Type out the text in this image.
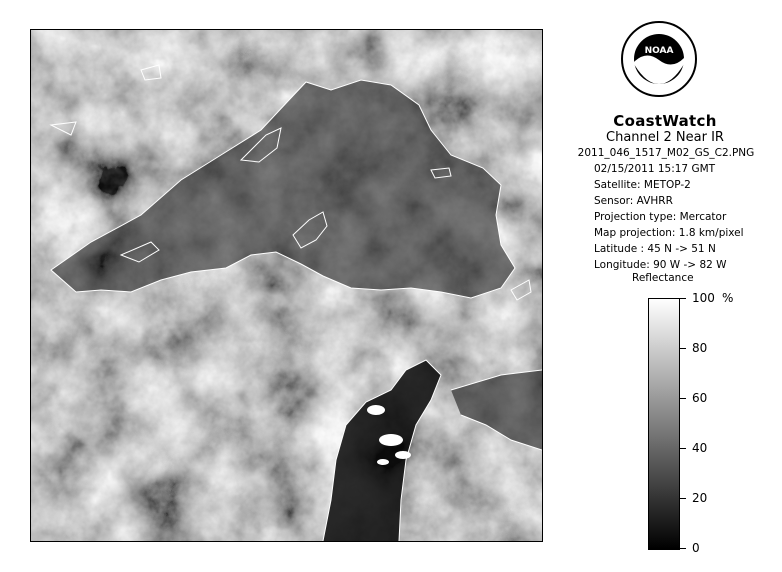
NOAA
CoastWatch
Channel 2 Near IR
2011_046_1517_M02_GS_C2.PNG
02/15/2011 15:17 GMT
Satellite: METOP-2
Sensor: AVHRR
Projection type: Mercator
Map projection: 1.8 km/pixel
Latitude : 45 N -> 51 N
Longitude: 90 W -> 82 W
Reflectance
%
100
80
60
40
20
0
